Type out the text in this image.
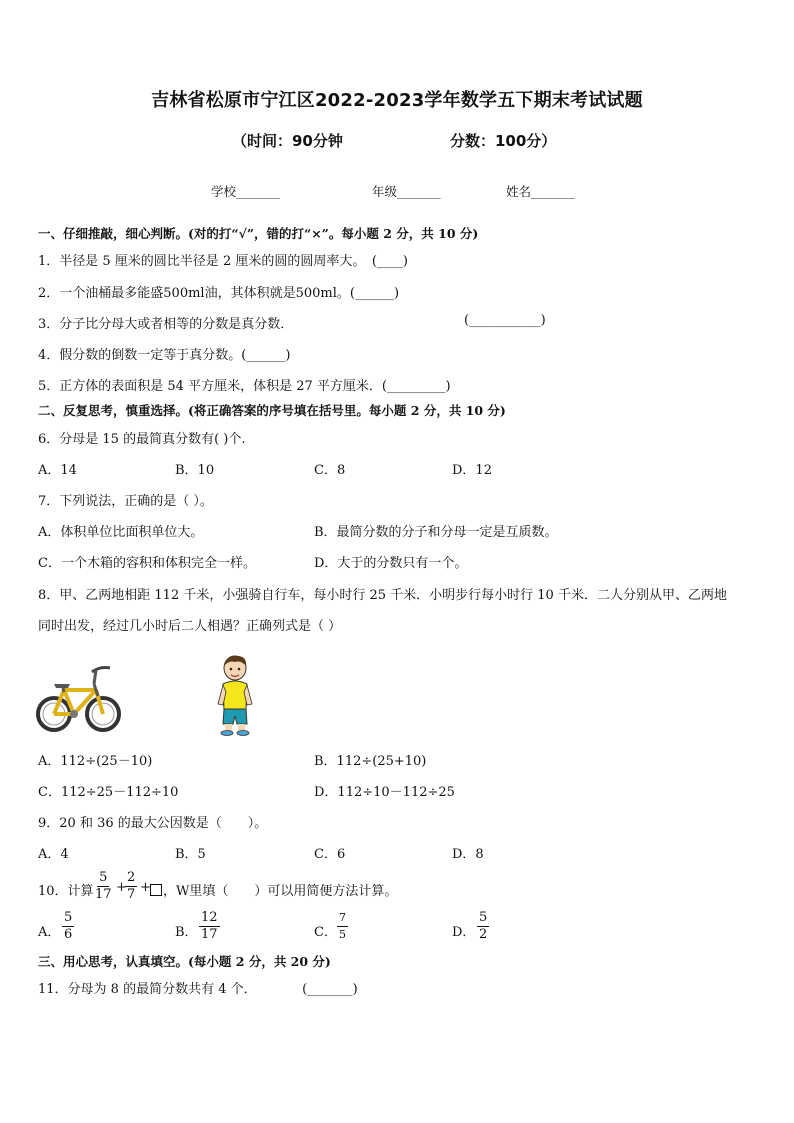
吉林省松原市宁江区2022-2023学年数学五下期末考试试题
（时间：90分钟	分数：100分）
学校_______	年级_______	姓名_______
一、仔细推敲，细心判断。(对的打“√”，错的打“×”。每小题 2 分，共 10 分)
1．半径是 5 厘米的圆比半径是 2 厘米的圆的圆周率大。　(____)
2．一个油桶最多能盛500ml油，其体积就是500ml。(______)
3．分子比分母大或者相等的分数是真分数．	(___________)
4．假分数的倒数一定等于真分数。(______)
5．正方体的表面积是 54 平方厘米，体积是 27 平方厘米．(_________)
二、反复思考，慎重选择。(将正确答案的序号填在括号里。每小题 2 分，共 10 分)
6．分母是 15 的最简真分数有( )个.
A．14	B．10	C．8	D．12
7．下列说法，正确的是（ ）。
A．体积单位比面积单位大。	B．最简分数的分子和分母一定是互质数。
C．一个木箱的容积和体积完全一样。	D．大于的分数只有一个。
8．甲、乙两地相距 112 千米，小强骑自行车，每小时行 25 千米．小明步行每小时行 10 千米．二人分别从甲、乙两地
同时出发，经过几小时后二人相遇？正确列式是（ ）
A．112÷(25－10)	B．112÷(25+10)
C．112÷25－112÷10	D．112÷10－112÷25
9．20 和 36 的最大公因数是（　　）。
A．4	B．5	C．6	D．8
10．计算 $\frac{5}{17}$ +
$\frac{2}{7}$ + ，W里填（　　）可以用简便方法计算。
A． $\frac{5}{6}$	B． $\frac{12}{17}$	C． $\frac{7}{5}$	D． $\frac{5}{2}$
三、用心思考，认真填空。(每小题 2 分，共 20 分)
11．分母为 8 的最简分数共有 4 个．　　　　(_______)
